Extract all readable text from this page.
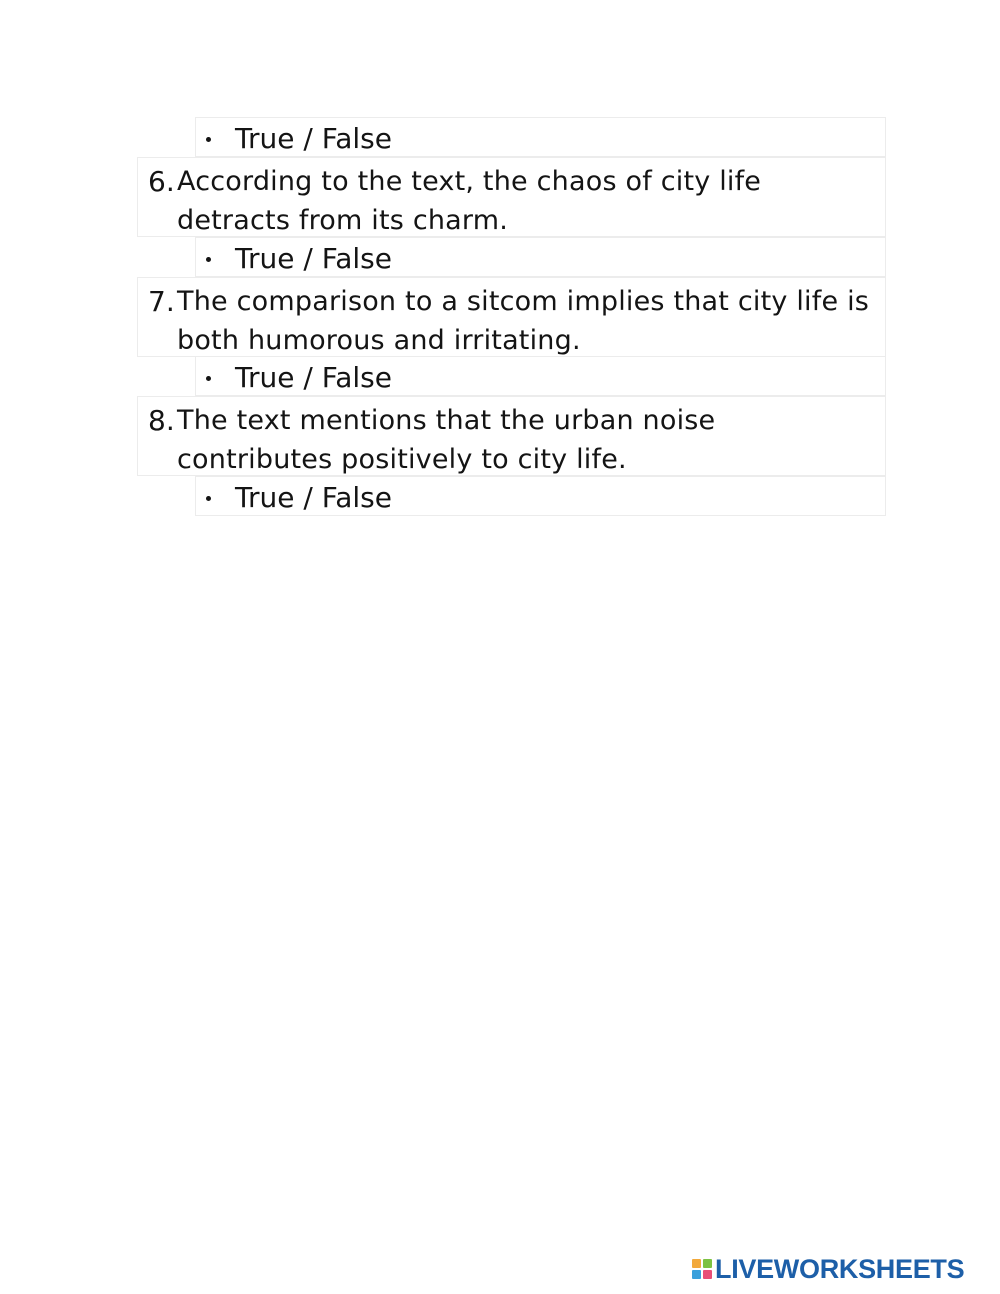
True / False
6. According to the text, the chaos of city life detracts from its charm.
True / False
7. The comparison to a sitcom implies that city life is both humorous and irritating.
True / False
8. The text mentions that the urban noise contributes positively to city life.
True / False
LIVEWORKSHEETS
